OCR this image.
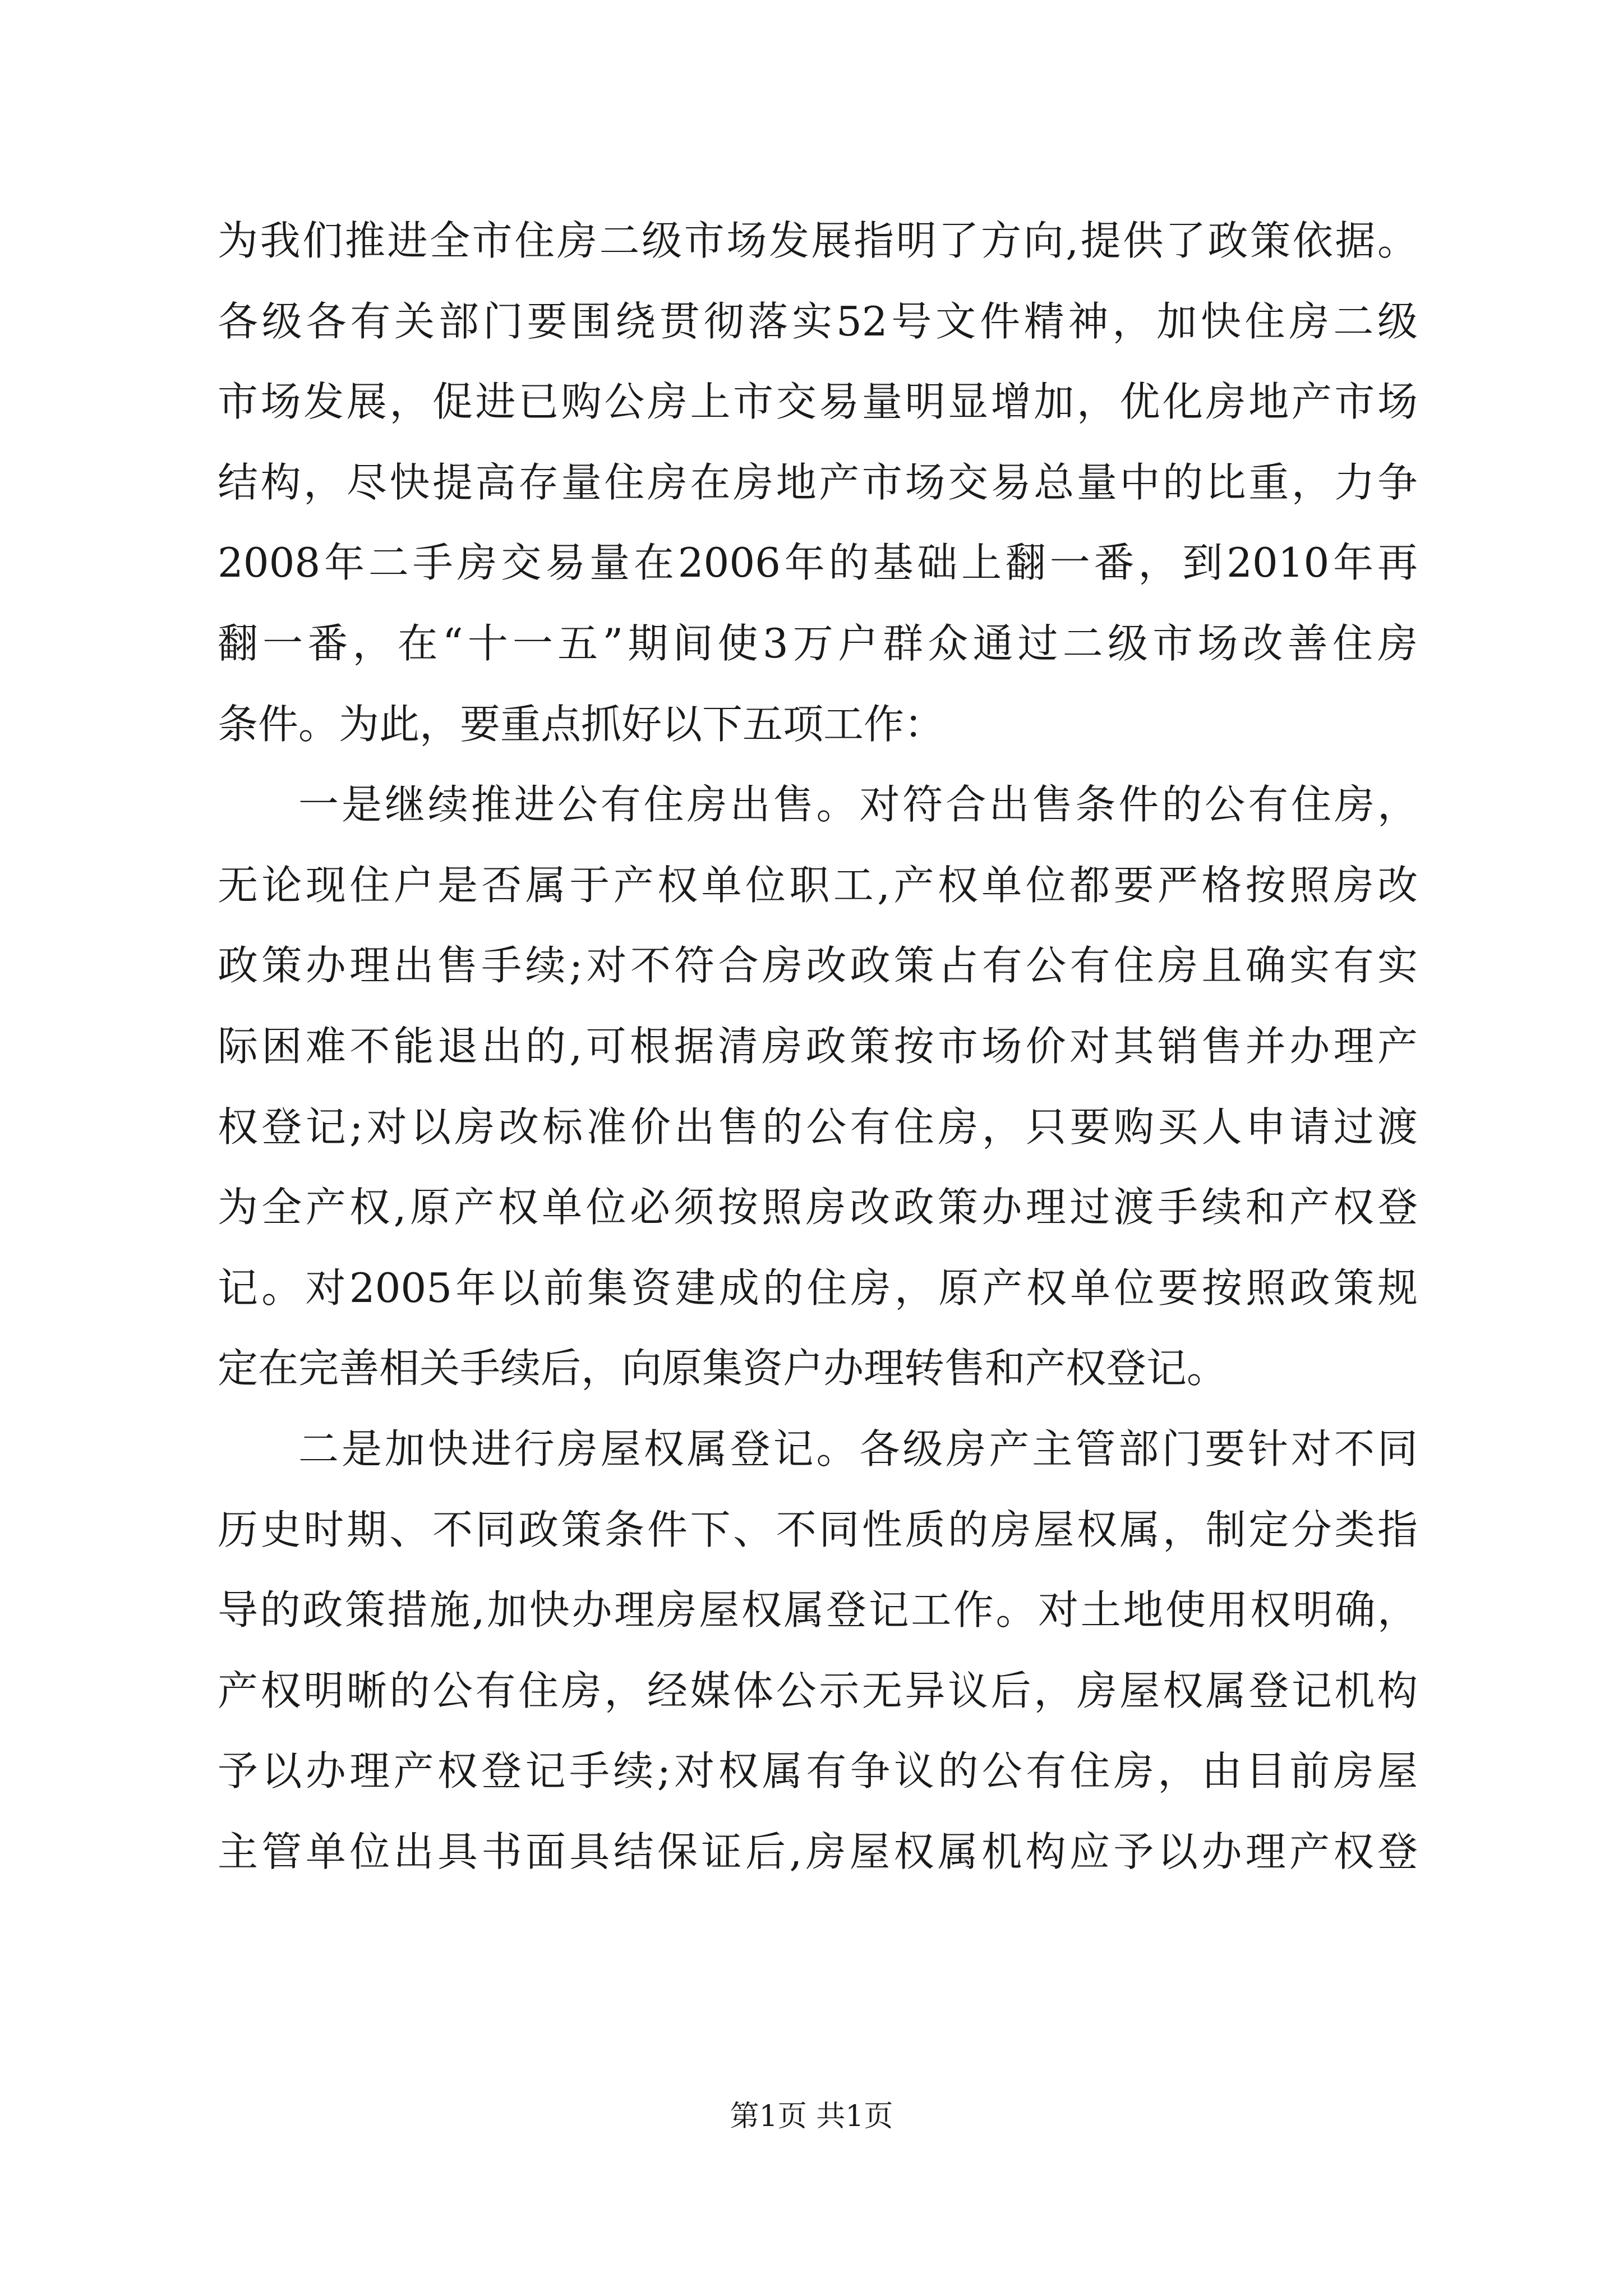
为我们推进全市住房二级市场发展指明了方向,提供了政策依据。
各级各有关部门要围绕贯彻落实52号文件精神，加快住房二级
市场发展，促进已购公房上市交易量明显增加，优化房地产市场
结构，尽快提高存量住房在房地产市场交易总量中的比重，力争
2008年二手房交易量在2006年的基础上翻一番，到2010年再
翻一番，在“十一五”期间使3万户群众通过二级市场改善住房
条件。为此，要重点抓好以下五项工作：
一是继续推进公有住房出售。对符合出售条件的公有住房，
无论现住户是否属于产权单位职工,产权单位都要严格按照房改
政策办理出售手续;对不符合房改政策占有公有住房且确实有实
际困难不能退出的,可根据清房政策按市场价对其销售并办理产
权登记;对以房改标准价出售的公有住房，只要购买人申请过渡
为全产权,原产权单位必须按照房改政策办理过渡手续和产权登
记。对2005年以前集资建成的住房，原产权单位要按照政策规
定在完善相关手续后，向原集资户办理转售和产权登记。
二是加快进行房屋权属登记。各级房产主管部门要针对不同
历史时期、不同政策条件下、不同性质的房屋权属，制定分类指
导的政策措施,加快办理房屋权属登记工作。对土地使用权明确，
产权明晰的公有住房，经媒体公示无异议后，房屋权属登记机构
予以办理产权登记手续;对权属有争议的公有住房，由目前房屋
主管单位出具书面具结保证后,房屋权属机构应予以办理产权登
第1页 共1页
